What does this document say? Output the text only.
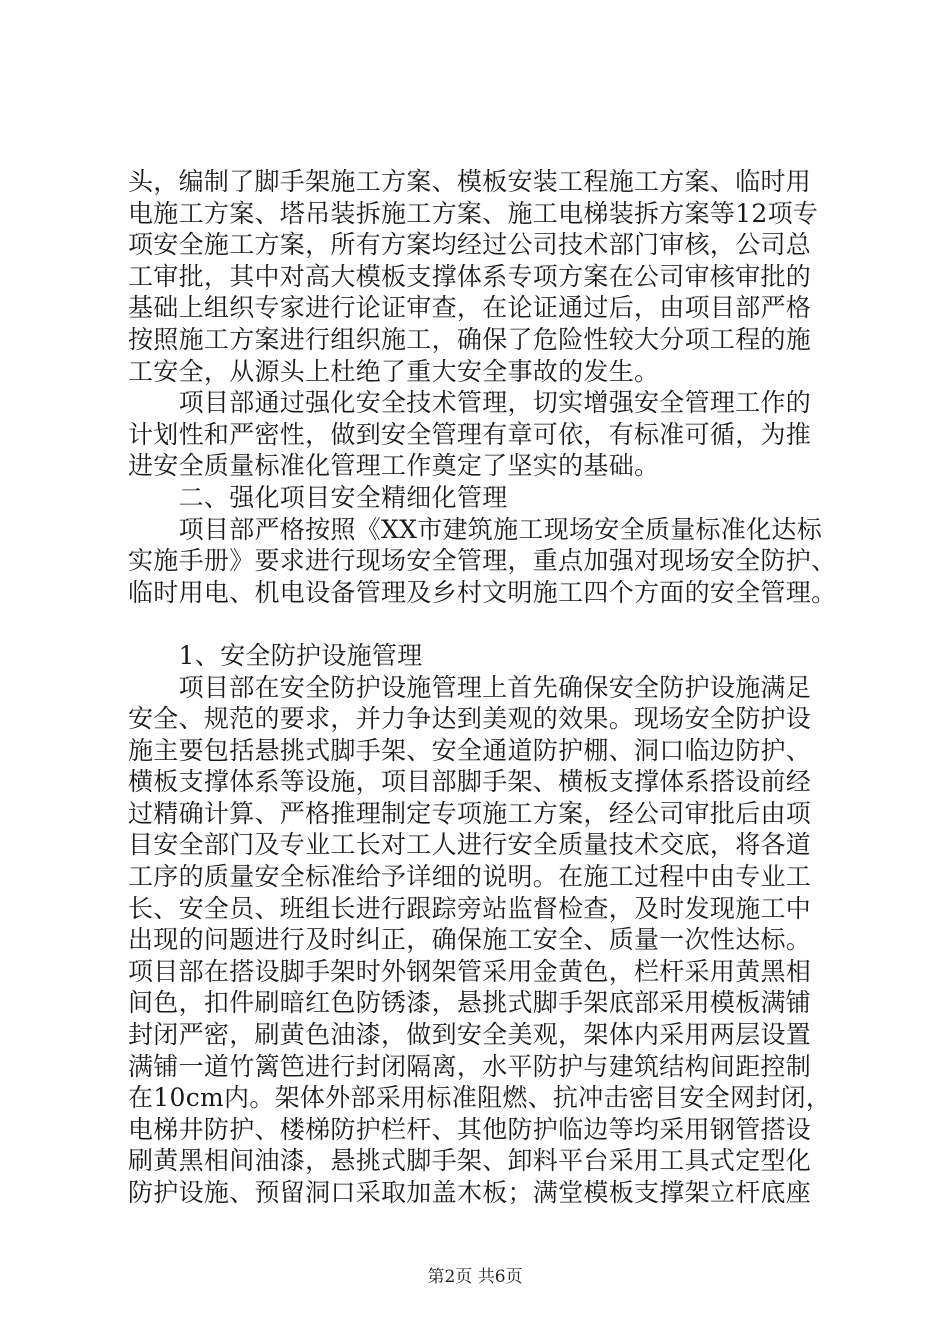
头，编制了脚手架施工方案、模板安装工程施工方案、临时用
电施工方案、塔吊装拆施工方案、施工电梯装拆方案等12项专
项安全施工方案，所有方案均经过公司技术部门审核，公司总
工审批，其中对高大模板支撑体系专项方案在公司审核审批的
基础上组织专家进行论证审查，在论证通过后，由项目部严格
按照施工方案进行组织施工，确保了危险性较大分项工程的施
工安全，从源头上杜绝了重大安全事故的发生。
　　项目部通过强化安全技术管理，切实增强安全管理工作的
计划性和严密性，做到安全管理有章可依，有标准可循，为推
进安全质量标准化管理工作奠定了坚实的基础。
　　二、强化项目安全精细化管理
　　项目部严格按照《XX市建筑施工现场安全质量标准化达标
实施手册》要求进行现场安全管理，重点加强对现场安全防护、
临时用电、机电设备管理及乡村文明施工四个方面的安全管理。
　　1、安全防护设施管理
　　项目部在安全防护设施管理上首先确保安全防护设施满足
安全、规范的要求，并力争达到美观的效果。现场安全防护设
施主要包括悬挑式脚手架、安全通道防护棚、洞口临边防护、
横板支撑体系等设施，项目部脚手架、横板支撑体系搭设前经
过精确计算、严格推理制定专项施工方案，经公司审批后由项
目安全部门及专业工长对工人进行安全质量技术交底，将各道
工序的质量安全标准给予详细的说明。在施工过程中由专业工
长、安全员、班组长进行跟踪旁站监督检查，及时发现施工中
出现的问题进行及时纠正，确保施工安全、质量一次性达标。
项目部在搭设脚手架时外钢架管采用金黄色，栏杆采用黄黑相
间色，扣件刷暗红色防锈漆，悬挑式脚手架底部采用模板满铺
封闭严密，刷黄色油漆，做到安全美观，架体内采用两层设置
满铺一道竹篱笆进行封闭隔离，水平防护与建筑结构间距控制
在10cm内。架体外部采用标准阻燃、抗冲击密目安全网封闭，
电梯井防护、楼梯防护栏杆、其他防护临边等均采用钢管搭设
刷黄黑相间油漆，悬挑式脚手架、卸料平台采用工具式定型化
防护设施、预留洞口采取加盖木板；满堂模板支撑架立杆底座
第2页 共6页
